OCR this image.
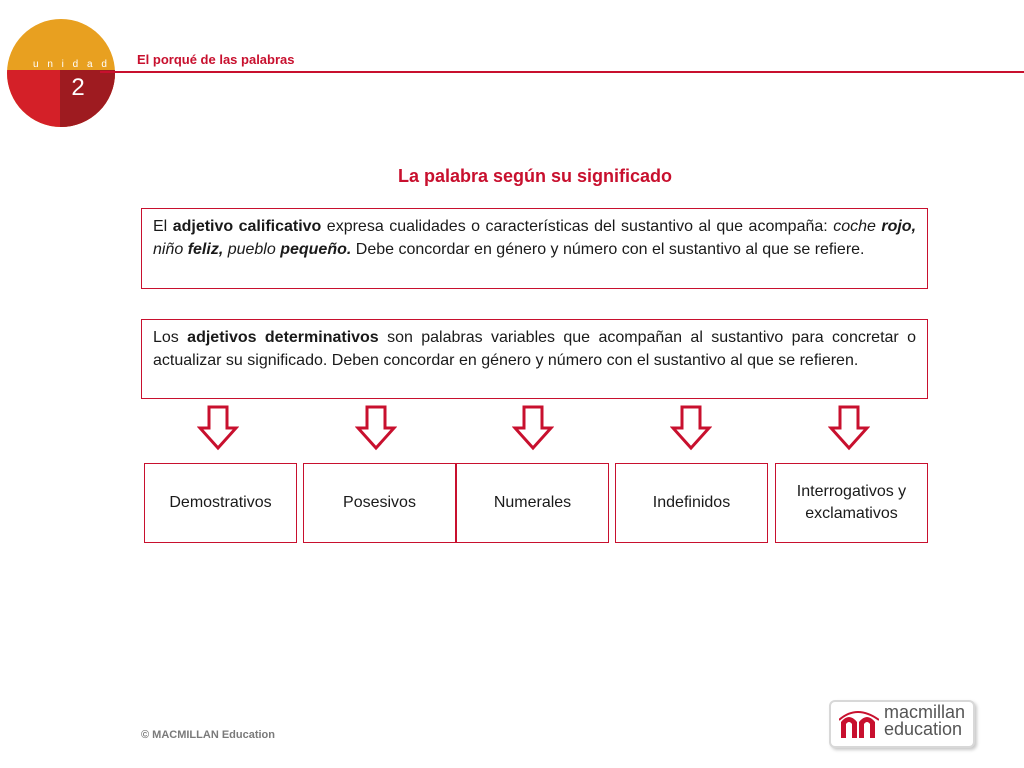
u n i d a d
2
El porqué de las palabras
La palabra según su significado
El adjetivo calificativo expresa cualidades o características del sustantivo al que acompaña: coche rojo, niño feliz, pueblo pequeño. Debe concordar en género y número con el sustantivo al que se refiere.
Los adjetivos determinativos son palabras variables que acompañan al sustantivo para concretar o actualizar su significado. Deben concordar en género y número con el sustantivo al que se refieren.
Demostrativos	Posesivos	Numerales	Indefinidos
Interrogativos y exclamativos
© MACMILLAN Education
macmillan
education
